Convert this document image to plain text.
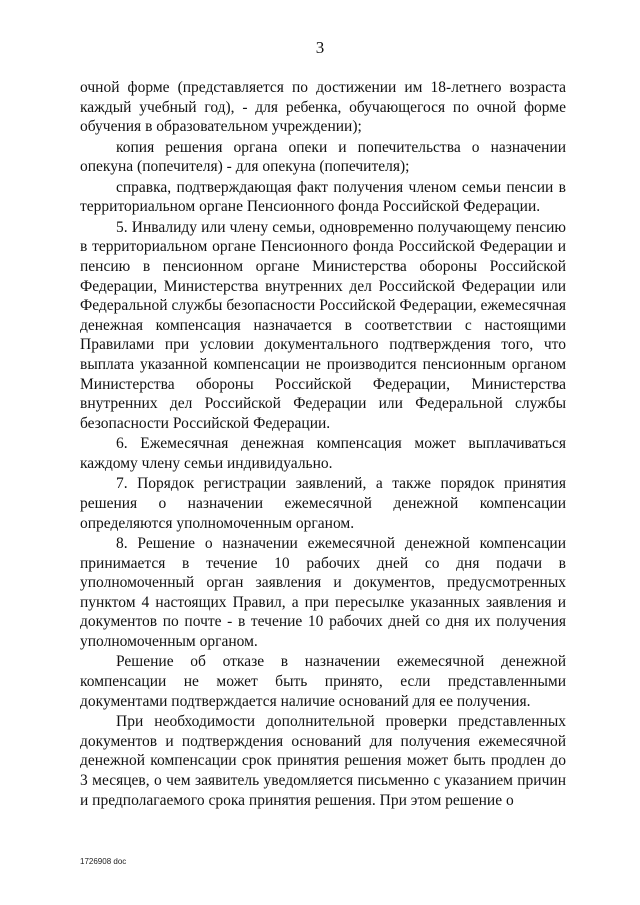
3

очной форме (представляется по достижении им 18-летнего возраста каждый учебный год), - для ребенка, обучающегося по очной форме обучения в образовательном учреждении);

копия решения органа опеки и попечительства о назначении опекуна (попечителя) - для опекуна (попечителя);

справка, подтверждающая факт получения членом семьи пенсии в территориальном органе Пенсионного фонда Российской Федерации.

5. Инвалиду или члену семьи, одновременно получающему пенсию в территориальном органе Пенсионного фонда Российской Федерации и пенсию в пенсионном органе Министерства обороны Российской Федерации, Министерства внутренних дел Российской Федерации или Федеральной службы безопасности Российской Федерации, ежемесячная денежная компенсация назначается в соответствии с настоящими Правилами при условии документального подтверждения того, что выплата указанной компенсации не производится пенсионным органом Министерства обороны Российской Федерации, Министерства внутренних дел Российской Федерации или Федеральной службы безопасности Российской Федерации.

6. Ежемесячная денежная компенсация может выплачиваться каждому члену семьи индивидуально.

7. Порядок регистрации заявлений, а также порядок принятия решения о назначении ежемесячной денежной компенсации определяются уполномоченным органом.

8. Решение о назначении ежемесячной денежной компенсации принимается в течение 10 рабочих дней со дня подачи в уполномоченный орган заявления и документов, предусмотренных пунктом 4 настоящих Правил, а при пересылке указанных заявления и документов по почте - в течение 10 рабочих дней со дня их получения уполномоченным органом.

Решение об отказе в назначении ежемесячной денежной компенсации не может быть принято, если представленными документами подтверждается наличие оснований для ее получения.

При необходимости дополнительной проверки представленных документов и подтверждения оснований для получения ежемесячной денежной компенсации срок принятия решения может быть продлен до 3 месяцев, о чем заявитель уведомляется письменно с указанием причин и предполагаемого срока принятия решения. При этом решение о

1726908 doc
